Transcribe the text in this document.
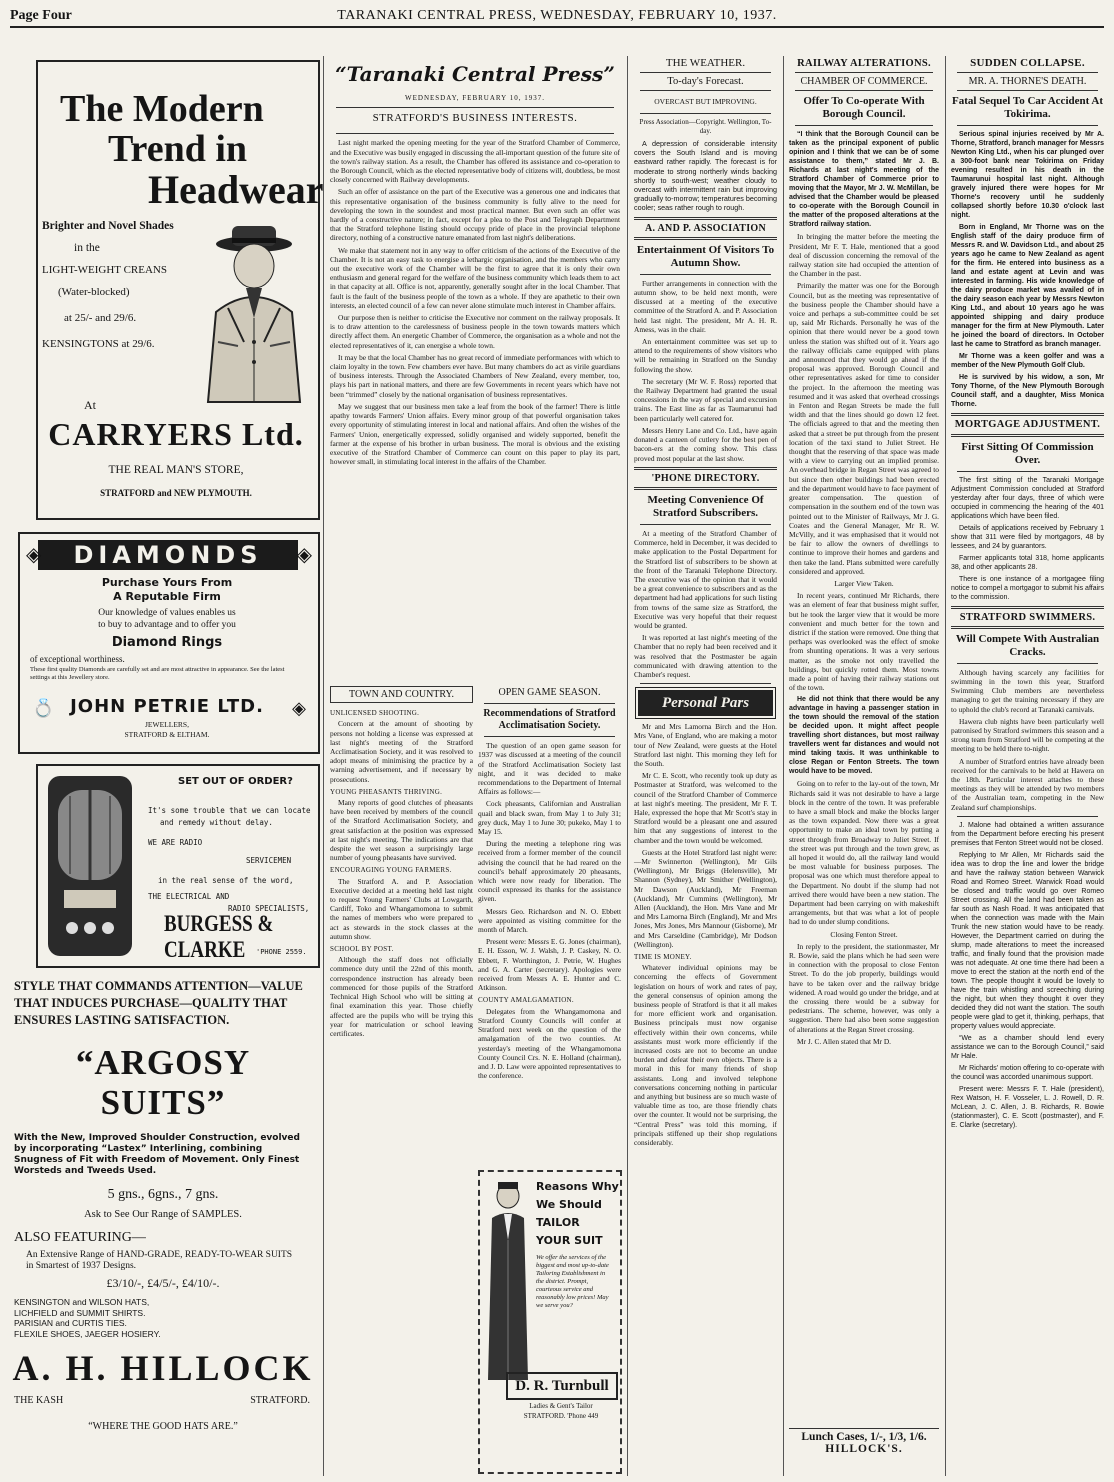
Page Four	TARANAKI CENTRAL PRESS, WEDNESDAY, FEBRUARY 10, 1937.
The Modern
Trend in
Headwear
Brighter and Novel Shades
in the
LIGHT-WEIGHT CREANS
(Water-blocked)
at 25/- and 29/6.
KENSINGTONS at 29/6.
At
CARRYERS Ltd.
THE REAL MAN'S STORE,
STRATFORD and NEW PLYMOUTH.
DIAMONDS
◈	◈
Purchase Yours From
A Reputable Firm
Our knowledge of values enables us
to buy to advantage and to offer you
Diamond Rings
of exceptional worthiness.
These first quality Diamonds are carefully set and are most attractive in appearance. See the latest settings at this Jewellery store.
💍	◈
JOHN PETRIE LTD.
JEWELLERS,
STRATFORD & ELTHAM.
SET OUT OF ORDER?
It's some trouble that we can locate
and remedy without delay.
WE ARE RADIO
SERVICEMEN
in the real sense of the word,
THE ELECTRICAL AND
RADIO SPECIALISTS,
BURGESS & CLARKE	'PHONE 2559.
STYLE THAT COMMANDS ATTENTION—VALUE THAT INDUCES PURCHASE—QUALITY THAT ENSURES LASTING SATISFACTION.
“ARGOSY SUITS”
With the New, Improved Shoulder Construction, evolved by incorporating “Lastex” Interlining, combining Snugness of Fit with Freedom of Movement. Only Finest Worsteds and Tweeds Used.
5 gns., 6gns., 7 gns.
Ask to See Our Range of SAMPLES.
ALSO FEATURING—
An Extensive Range of HAND-GRADE, READY-TO-WEAR SUITS in Smartest of 1937 Designs.
£3/10/-, £4/5/-, £4/10/-.
KENSINGTON and WILSON HATS,
LICHFIELD and SUMMIT SHIRTS.
PARISIAN and CURTIS TIES.
FLEXILE SHOES, JAEGER HOSIERY.
A. H. HILLOCK
THE KASH	STRATFORD.
“WHERE THE GOOD HATS ARE.”
“Taranaki Central Press”
WEDNESDAY, FEBRUARY 10, 1937.
STRATFORD'S BUSINESS INTERESTS.

Last night marked the opening meeting for the year of the Stratford Chamber of Commerce, and the Executive was busily engaged in discussing the all-important question of the future site of the town's railway station. As a result, the Chamber has offered its assistance and co-operation to the Borough Council, which as the elected representative body of citizens will, doubtless, be most closely concerned with Railway developments.

Such an offer of assistance on the part of the Executive was a generous one and indicates that this representative organisation of the business community is fully alive to the need for developing the town in the soundest and most practical manner. But even such an offer was hardly of a constructive nature; in fact, except for a plea to the Post and Telegraph Department that the Stratford telephone listing should occupy pride of place in the provincial telephone directory, nothing of a constructive nature emanated from last night's deliberations.

We make that statement not in any way to offer criticism of the actions of the Executive of the Chamber. It is not an easy task to energise a lethargic organisation, and the members who carry out the executive work of the Chamber will be the first to agree that it is only their own enthusiasm and general regard for the welfare of the business community which leads them to act in that capacity at all. Office is not, apparently, generally sought after in the local Chamber. That fault is the fault of the business people of the town as a whole. If they are apathetic to their own interests, an elected council of a few can never alone stimulate much interest in Chamber affairs.

Our purpose then is neither to criticise the Executive nor comment on the railway proposals. It is to draw attention to the carelessness of business people in the town towards matters which directly affect them. An energetic Chamber of Commerce, the organisation as a whole and not the elected representatives of it, can energise a whole town.

It may be that the local Chamber has no great record of immediate performances with which to claim loyalty in the town. Few chambers ever have. But many chambers do act as virile guardians of business interests. Through the Associated Chambers of New Zealand, every member, too, plays his part in national matters, and there are few Governments in recent years which have not been “trimmed” closely by the national organisation of business representatives.

May we suggest that our business men take a leaf from the book of the farmer! There is little apathy towards Farmers' Union affairs. Every minor group of that powerful organisation takes every opportunity of stimulating interest in local and national affairs. And often the wishes of the Farmers' Union, energetically expressed, solidly organised and widely supported, benefit the farmer at the expense of his brother in urban business. The moral is obvious and the existing executive of the Stratford Chamber of Commerce can count on this paper to play its part, however small, in stimulating local interest in the affairs of the Chamber.

TOWN AND COUNTRY.
UNLICENSED SHOOTING.

Concern at the amount of shooting by persons not holding a license was expressed at last night's meeting of the Stratford Acclimatisation Society, and it was resolved to adopt means of minimising the practice by a warning advertisement, and if necessary by prosecutions.

YOUNG PHEASANTS THRIVING.

Many reports of good clutches of pheasants have been received by members of the council of the Stratford Acclimatisation Society, and great satisfaction at the position was expressed at last night's meeting. The indications are that despite the wet season a surprisingly large number of young pheasants have survived.

ENCOURAGING YOUNG FARMERS.

The Stratford A. and P. Association Executive decided at a meeting held last night to request Young Farmers' Clubs at Lowgarth, Cardiff, Toko and Whangamomona to submit the names of members who were prepared to act as stewards in the stock classes at the autumn show.

SCHOOL BY POST.

Although the staff does not officially commence duty until the 22nd of this month, correspondence instruction has already been commenced for those pupils of the Stratford Technical High School who will be sitting at final examination this year. Those chiefly affected are the pupils who will be trying this year for matriculation or school leaving certificates.

OPEN GAME SEASON.
Recommendations of Stratford Acclimatisation Society.

The question of an open game season for 1937 was discussed at a meeting of the council of the Stratford Acclimatisation Society last night, and it was decided to make recommendations to the Department of Internal Affairs as follows:—

Cock pheasants, Californian and Australian quail and black swan, from May 1 to July 31; grey duck, May 1 to June 30; pukeko, May 1 to May 15.

During the meeting a telephone ring was received from a former member of the council advising the council that he had reared on the council's behalf approximately 20 pheasants, which were now ready for liberation. The council expressed its thanks for the assistance given.

Messrs Geo. Richardson and N. O. Ebbett were appointed as visiting committee for the month of March.

Present were: Messrs E. G. Jones (chairman), E. H. Esson, W. J. Walsh, J. P. Caskey, N. O. Ebbett, F. Worthington, J. Petrie, W. Hughes and G. A. Carter (secretary). Apologies were received from Messrs A. E. Hunter and C. Atkinson.

COUNTY AMALGAMATION.

Delegates from the Whangamomona and Stratford County Councils will confer at Stratford next week on the question of the amalgamation of the two counties. At yesterday's meeting of the Whangamomona County Council Crs. N. E. Holland (chairman), and J. D. Law were appointed representatives to the conference.

Reasons Why
We Should
TAILOR
YOUR SUIT
We offer the services of the biggest and most up-to-date Tailoring Establishment in the district. Prompt, courteous service and reasonably low prices! May we serve you?
D. R. Turnbull
Ladies & Gent's Tailor
STRATFORD. 'Phone 449
THE WEATHER.
To-day's Forecast.
OVERCAST BUT IMPROVING.
Press Association—Copyright. Wellington, To-day.

A depression of considerable intensity covers the South Island and is moving eastward rather rapidly. The forecast is for moderate to strong northerly winds backing shortly to south-west; weather cloudy to overcast with intermittent rain but improving gradually to-morrow; temperatures becoming cooler; seas rather rough to rough.

A. AND P. ASSOCIATION
Entertainment Of Visitors To Autumn Show.

Further arrangements in connection with the autumn show, to be held next month, were discussed at a meeting of the executive committee of the Stratford A. and P. Association held last night. The president, Mr A. H. R. Amess, was in the chair.

An entertainment committee was set up to attend to the requirements of show visitors who will be remaining in Stratford on the Sunday following the show.

The secretary (Mr W. F. Ross) reported that the Railway Department had granted the usual concessions in the way of special and excursion trains. The East line as far as Taumarunui had been particularly well catered for.

Messrs Henry Lane and Co. Ltd., have again donated a canteen of cutlery for the best pen of bacon-ers at the coming show. This class proved most popular at the last show.

'PHONE DIRECTORY.
Meeting Convenience Of Stratford Subscribers.

At a meeting of the Stratford Chamber of Commerce, held in December, it was decided to make application to the Postal Department for the Stratford list of subscribers to be shown at the front of the Taranaki Telephone Directory. The executive was of the opinion that it would be a great convenience to subscribers and as the department had had applications for such listing from towns of the same size as Stratford, the Executive was very hopeful that their request would be granted.

It was reported at last night's meeting of the Chamber that no reply had been received and it was resolved that the Postmaster be again communicated with drawing attention to the Chamber's request.

Personal Pars

Mr and Mrs Lamorna Birch and the Hon. Mrs Vane, of England, who are making a motor tour of New Zealand, were guests at the Hotel Stratford last night. This morning they left for the South.

Mr C. E. Scott, who recently took up duty as Postmaster at Stratford, was welcomed to the council of the Stratford Chamber of Commerce at last night's meeting. The president, Mr F. T. Hale, expressed the hope that Mr Scott's stay in Stratford would be a pleasant one and assured him that any suggestions of interest to the chamber and the town would be welcomed.

Guests at the Hotel Stratford last night were:—Mr Swinnerton (Wellington), Mr Gils (Wellington), Mr Briggs (Helensville), Mr Shannon (Sydney), Mr Smither (Wellington), Mr Dawson (Auckland), Mr Freeman (Auckland), Mr Cummins (Wellington), Mr Allen (Auckland), the Hon. Mrs Vane and Mr and Mrs Lamorna Birch (England), Mr and Mrs Jones, Mrs Jones, Mrs Mannour (Gisborne), Mr and Mrs Carseldine (Cambridge), Mr Dodson (Wellington).

TIME IS MONEY.

Whatever individual opinions may be concerning the effects of Government legislation on hours of work and rates of pay, the general consensus of opinion among the business people of Stratford is that it all makes for more efficient work and organisation. Business principals must now organise effectively within their own concerns, while assistants must work more efficiently if the increased costs are not to become an undue burden and defeat their own objects. There is a moral in this for many friends of shop assistants. Long and involved telephone conversations concerning nothing in particular and anything but business are so much waste of valuable time as too, are those friendly chats over the counter. It would not be surprising, the “Central Press” was told this morning, if principals stiffened up their shop regulations considerably.

RAILWAY ALTERATIONS.
CHAMBER OF COMMERCE.
Offer To Co-operate With Borough Council.

“I think that the Borough Council can be taken as the principal exponent of public opinion and I think that we can be of some assistance to them,” stated Mr J. B. Richards at last night's meeting of the Stratford Chamber of Commerce prior to moving that the Mayor, Mr J. W. McMillan, be advised that the Chamber would be pleased to co-operate with the Borough Council in the matter of the proposed alterations at the Stratford railway station.

In bringing the matter before the meeting the President, Mr F. T. Hale, mentioned that a good deal of discussion concerning the removal of the railway station site had occupied the attention of the Chamber in the past.

Primarily the matter was one for the Borough Council, but as the meeting was representative of the business people the Chamber should have a voice and perhaps a sub-committee could be set up, said Mr Richards. Personally he was of the opinion that there would never be a good town unless the station was shifted out of it. Years ago the railway officials came equipped with plans and announced that they would go ahead if the proposal was approved. Borough Council and other representatives asked for time to consider the project. In the afternoon the meeting was resumed and it was asked that overhead crossings in Fenton and Regan Streets be made the full width and that the lines should go down 12 feet. The officials agreed to that and the meeting then asked that a street be put through from the present location of the taxi stand to Juliet Street. He thought that the reserving of that space was made with a view to carrying out an implied promise. An overhead bridge in Regan Street was agreed to but since then other buildings had been erected and the department would have to face payment of greater compensation. The question of compensation in the southern end of the town was pointed out to the Minister of Railways, Mr J. G. Coates and the General Manager, Mr R. W. McVilly, and it was emphasised that it would not be fair to allow the owners of dwellings to continue to improve their homes and gardens and then take the land. Plans submitted were carefully considered and approved.

Larger View Taken.

In recent years, continued Mr Richards, there was an element of fear that business might suffer, but he took the larger view that it would be more convenient and much better for the town and district if the station were removed. One thing that perhaps was overlooked was the effect of smoke from shunting operations. It was a very serious matter, as the smoke not only travelled the buildings, but quickly rotted them. Most towns made a point of having their railway stations out of the town.

He did not think that there would be any advantage in having a passenger station in the town should the removal of the station be decided upon. It might affect people travelling short distances, but most railway travellers went far distances and would not mind taking taxis. It was unthinkable to close Regan or Fenton Streets. The town would have to be moved.

Going on to refer to the lay-out of the town, Mr Richards said it was not desirable to have a large block in the centre of the town. It was preferable to have a small block and make the blocks larger as the town expanded. Now there was a great opportunity to make an ideal town by putting a street through from Broadway to Juliet Street. If the street was put through and the town grew, as all hoped it would do, all the railway land would be most valuable for business purposes. The proposal was one which must therefore appeal to the Department. No doubt if the slump had not arrived there would have been a new station. The Department had been carrying on with makeshift arrangements, but that was what a lot of people had to do under slump conditions.

Closing Fenton Street.

In reply to the president, the stationmaster, Mr R. Bowie, said the plans which he had seen were in connection with the proposal to close Fenton Street. To do the job properly, buildings would have to be taken over and the railway bridge widened. A road would go under the bridge, and at the crossing there would be a subway for pedestrians. The scheme, however, was only a suggestion. There had also been some suggestion of alterations at the Regan Street crossing.

Mr J. C. Allen stated that Mr D.

Lunch Cases, 1/-, 1/3, 1/6.
HILLOCK'S.
SUDDEN COLLAPSE.
MR. A. THORNE'S DEATH.
Fatal Sequel To Car Accident At Tokirima.

Serious spinal injuries received by Mr A. Thorne, Stratford, branch manager for Messrs Newton King Ltd., when his car plunged over a 300-foot bank near Tokirima on Friday evening resulted in his death in the Taumarunui hospital last night. Although gravely injured there were hopes for Mr Thorne's recovery until he suddenly collapsed shortly before 10.30 o'clock last night.

Born in England, Mr Thorne was on the English staff of the dairy produce firm of Messrs R. and W. Davidson Ltd., and about 25 years ago he came to New Zealand as agent for the firm. He entered into business as a land and estate agent at Levin and was interested in farming. His wide knowledge of the dairy produce market was availed of in the dairy season each year by Messrs Newton King Ltd., and about 10 years ago he was appointed shipping and dairy produce manager for the firm at New Plymouth. Later he joined the board of directors. In October last he came to Stratford as branch manager.

Mr Thorne was a keen golfer and was a member of the New Plymouth Golf Club.

He is survived by his widow, a son, Mr Tony Thorne, of the New Plymouth Borough Council staff, and a daughter, Miss Monica Thorne.

MORTGAGE ADJUSTMENT.
First Sitting Of Commission Over.

The first sitting of the Taranaki Mortgage Adjustment Commission concluded at Stratford yesterday after four days, three of which were occupied in commencing the hearing of the 401 applications which have been filed.

Details of applications received by February 1 show that 311 were filed by mortgagors, 48 by lessees, and 24 by guarantors.

Farmer applicants total 318, home applicants 38, and other applicants 28.

There is one instance of a mortgagee filing notice to compel a mortgagor to submit his affairs to the commission.

STRATFORD SWIMMERS.
Will Compete With Australian Cracks.

Although having scarcely any facilities for swimming in the town this year, Stratford Swimming Club members are nevertheless managing to get the training necessary if they are to uphold the club's record at Taranaki carnivals.

Hawera club nights have been particularly well patronised by Stratford swimmers this season and a strong team from Stratford will be competing at the meeting to be held there to-night.

A number of Stratford entries have already been received for the carnivals to be held at Hawera on the 18th. Particular interest attaches to these meetings as they will be attended by two members of the Australian team, competing in the New Zealand surf championships.

J. Malone had obtained a written assurance from the Department before erecting his present premises that Fenton Street would not be closed.

Replying to Mr Allen, Mr Richards said the idea was to drop the line and lower the bridge and have the railway station between Warwick Road and Romeo Street. Warwick Road would be closed and traffic would go over Romeo Street crossing. All the land had been taken as far south as Nash Road. It was anticipated that when the connection was made with the Main Trunk the new station would have to be ready. However, the Department carried on during the slump, made alterations to meet the increased traffic, and finally found that the provision made was not adequate. At one time there had been a move to erect the station at the north end of the town. The people thought it would be lovely to have the train whistling and screeching during the night, but when they thought it over they decided they did not want the station. The south people were glad to get it, thinking, perhaps, that property values would appreciate.

“We as a chamber should lend every assistance we can to the Borough Council,” said Mr Hale.

Mr Richards' motion offering to co-operate with the council was accorded unanimous support.

Present were: Messrs F. T. Hale (president), Rex Watson, H. F. Vosseler, L. J. Rowell, D. R. McLean, J. C. Allen, J. B. Richards, R. Bowie (stationmaster), C. E. Scott (postmaster), and F. E. Clarke (secretary).
